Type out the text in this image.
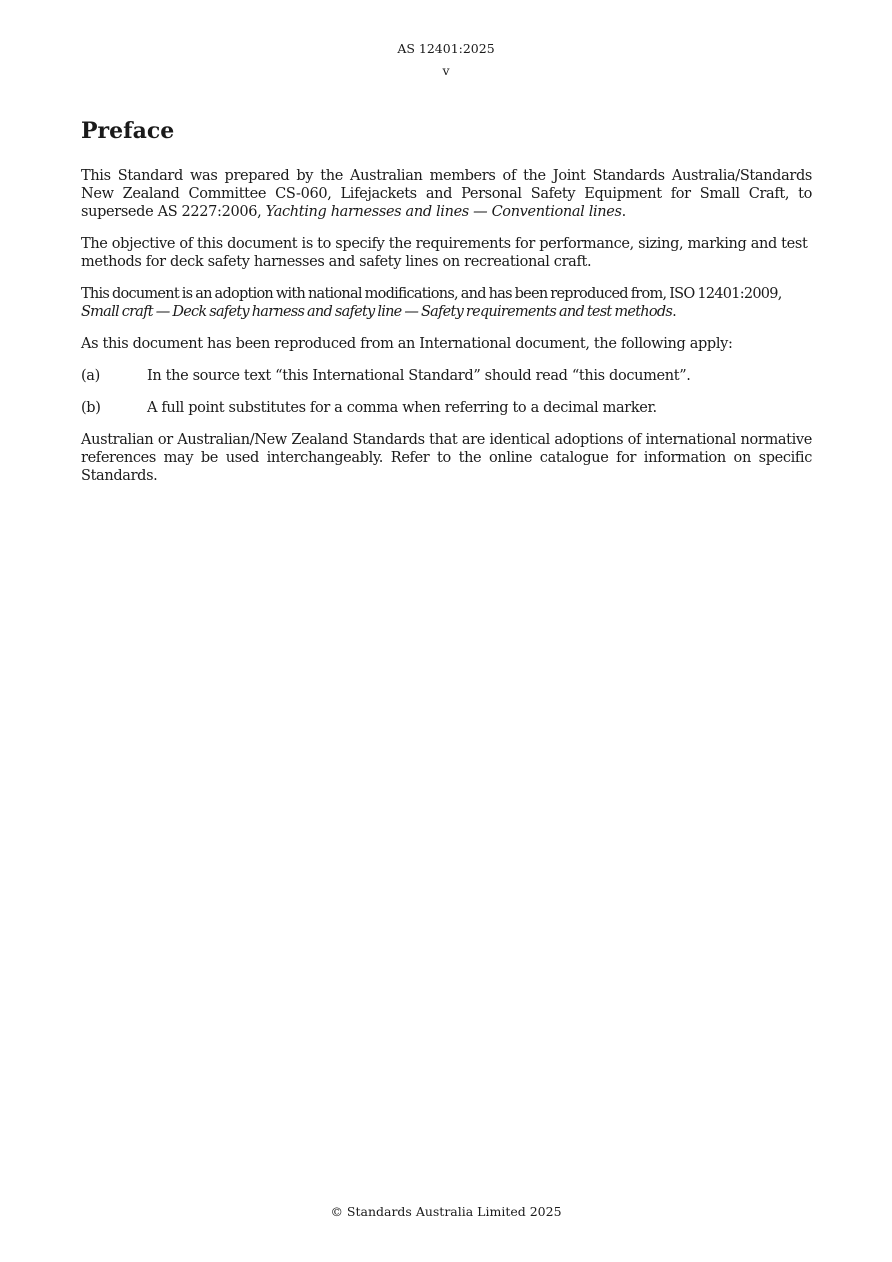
AS 12401:2025
v
Preface

This Standard was prepared by the Australian members of the Joint Standards Australia/Standards New Zealand Committee CS-060, Lifejackets and Personal Safety Equipment for Small Craft, to supersede AS 2227:2006, Yachting harnesses and lines — Conventional lines.

The objective of this document is to specify the requirements for performance, sizing, marking and test methods for deck safety harnesses and safety lines on recreational craft.

This document is an adoption with national modifications, and has been reproduced from, ISO 12401:2009, Small craft — Deck safety harness and safety line — Safety requirements and test methods.

As this document has been reproduced from an International document, the following apply:

(a)	In the source text “this International Standard” should read “this document”.
(b)	A full point substitutes for a comma when referring to a decimal marker.

Australian or Australian/New Zealand Standards that are identical adoptions of international normative references may be used interchangeably. Refer to the online catalogue for information on specific Standards.

© Standards Australia Limited 2025
